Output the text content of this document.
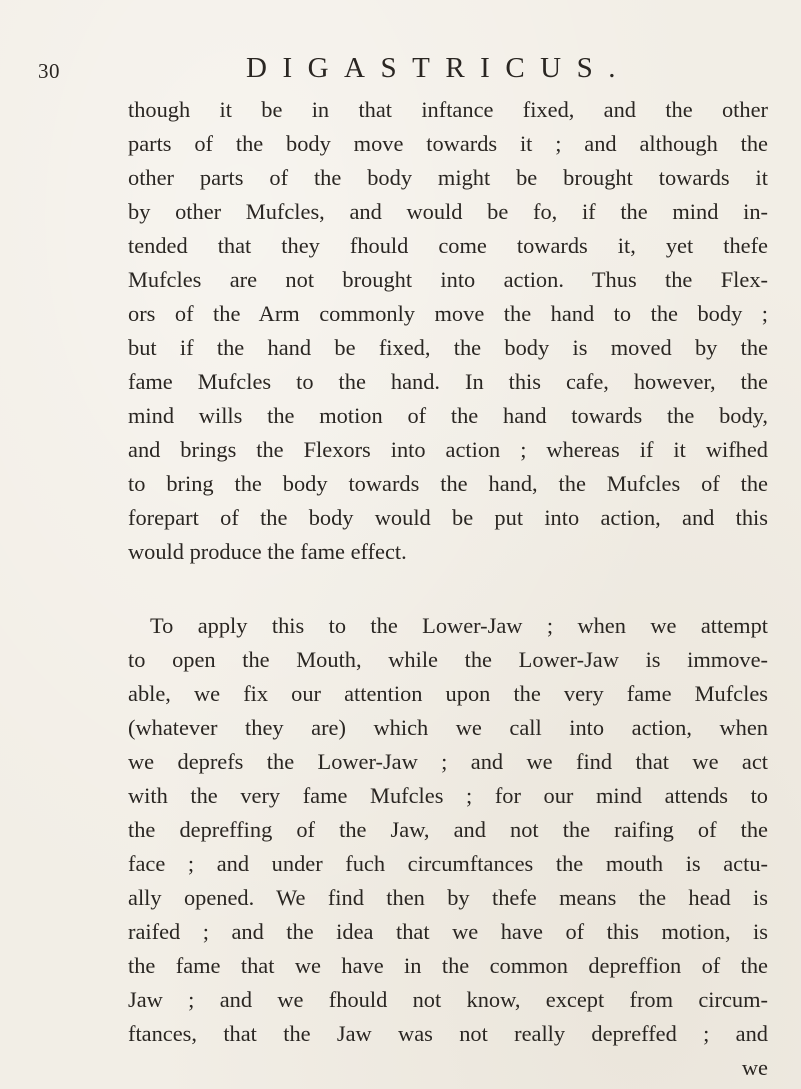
30	DIGASTRICUS.
though it be in that inftance fixed, and the other
parts of the body move towards it ; and although the
other parts of the body might be brought towards it
by other Mufcles, and would be fo, if the mind in-
tended that they fhould come towards it, yet thefe
Mufcles are not brought into action. Thus the Flex-
ors of the Arm commonly move the hand to the body ;
but if the hand be fixed, the body is moved by the
fame Mufcles to the hand. In this cafe, however, the
mind wills the motion of the hand towards the body,
and brings the Flexors into action ; whereas if it wifhed
to bring the body towards the hand, the Mufcles of the
forepart of the body would be put into action, and this
would produce the fame effect.
To apply this to the Lower-Jaw ; when we attempt
to open the Mouth, while the Lower-Jaw is immove-
able, we fix our attention upon the very fame Mufcles
(whatever they are) which we call into action, when
we deprefs the Lower-Jaw ; and we find that we act
with the very fame Mufcles ; for our mind attends to
the depreffing of the Jaw, and not the raifing of the
face ; and under fuch circumftances the mouth is actu-
ally opened. We find then by thefe means the head is
raifed ; and the idea that we have of this motion, is
the fame that we have in the common depreffion of the
Jaw ; and we fhould not know, except from circum-
ftances, that the Jaw was not really depreffed ; and
we
